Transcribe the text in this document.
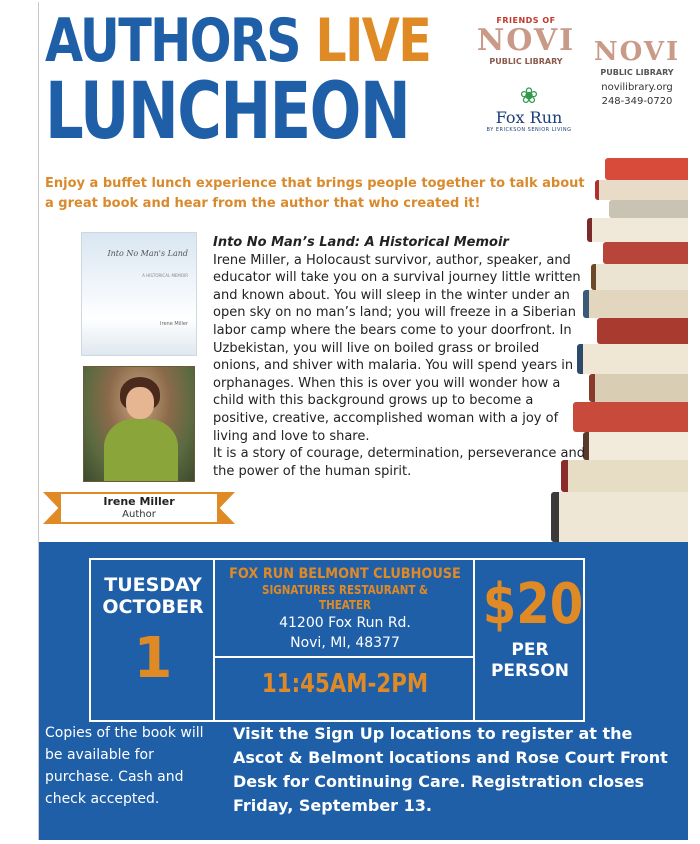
AUTHORS LIVE
LUNCHEON
FRIENDS OF
NOVI
PUBLIC LIBRARY
❀
Fox Run
BY ERICKSON SENIOR LIVING
NOVI
PUBLIC LIBRARY
novilibrary.org
248-349-0720
Enjoy a buffet lunch experience that brings people together to talk about a great book and hear from the author that who created it!
Into No Man's Land
A HISTORICAL MEMOIR
Irene Miller
Irene Miller
Author
Into No Man’s Land: A Historical Memoir
Irene Miller, a Holocaust survivor, author, speaker, and educator will take you on a survival journey little written and known about. You will sleep in the winter under an open sky on no man’s land; you will freeze in a Siberian labor camp where the bears come to your doorfront. In Uzbekistan, you will live on boiled grass or broiled onions, and shiver with malaria. You will spend years in orphanages. When this is over you will wonder how a child with this background grows up to become a positive, creative, accomplished woman with a joy of living and love to share.
It is a story of courage, determination, perseverance and the power of the human spirit.
TUESDAY
OCTOBER
1
FOX RUN BELMONT CLUBHOUSE
SIGNATURES RESTAURANT & THEATER
41200 Fox Run Rd.
Novi, MI, 48377
11:45AM-2PM
$20
PER
PERSON
Copies of the book will be available for purchase. Cash and check accepted.
Visit the Sign Up locations to register at the Ascot & Belmont locations and Rose Court Front Desk for Continuing Care. Registration closes Friday, September 13.
